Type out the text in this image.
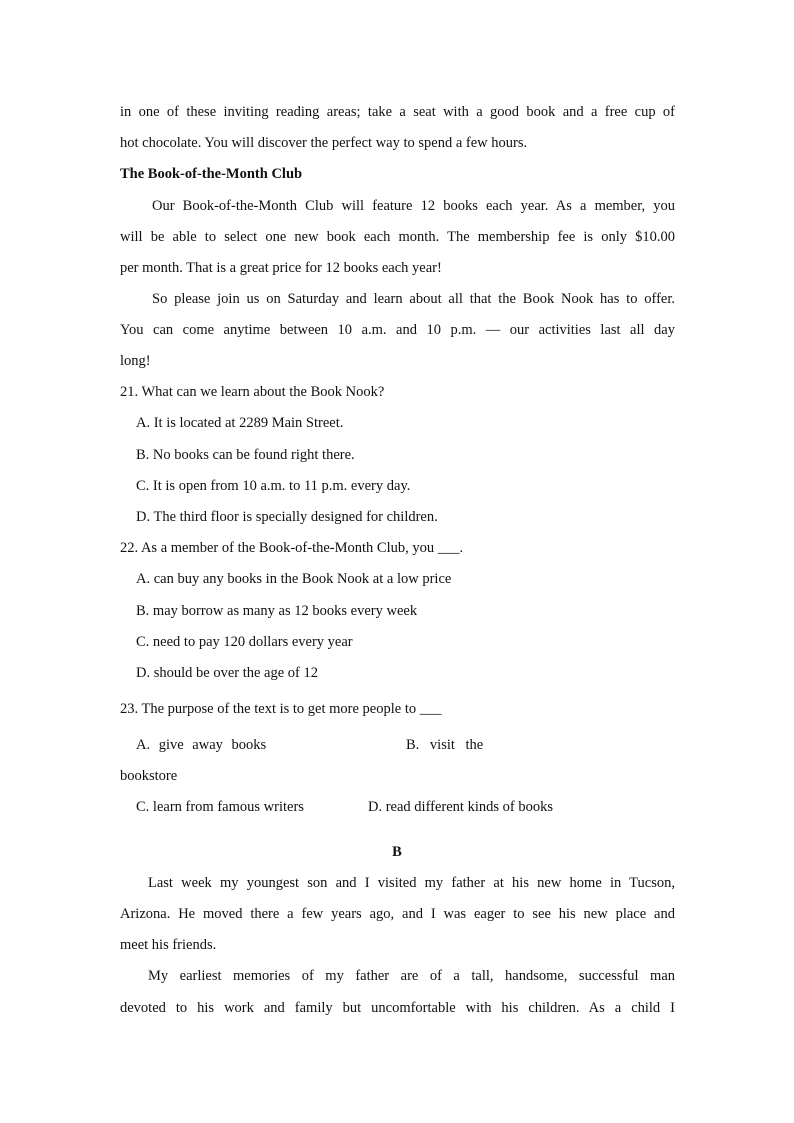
in one of these inviting reading areas; take a seat with a good book and a free cup of
hot chocolate. You will discover the perfect way to spend a few hours.
The Book-of-the-Month Club
Our Book-of-the-Month Club will feature 12 books each year. As a member, you
will be able to select one new book each month. The membership fee is only $10.00
per month. That is a great price for 12 books each year!
So please join us on Saturday and learn about all that the Book Nook has to offer.
You can come anytime between 10 a.m. and 10 p.m. — our activities last all day
long!
21. What can we learn about the Book Nook?
A. It is located at 2289 Main Street.
B. No books can be found right there.
C. It is open from 10 a.m. to 11 p.m. every day.
D. The third floor is specially designed for children.
22. As a member of the Book-of-the-Month Club, you ___.
A. can buy any books in the Book Nook at a low price
B. may borrow as many as 12 books every week
C. need to pay 120 dollars every year
D. should be over the age of 12
23. The purpose of the text is to get more people to ___
A. give away books	B. visit the
bookstore
C. learn from famous writers	D. read different kinds of books
B
Last week my youngest son and I visited my father at his new home in Tucson,
Arizona. He moved there a few years ago, and I was eager to see his new place and
meet his friends.
My earliest memories of my father are of a tall, handsome, successful man
devoted to his work and family but uncomfortable with his children. As a child I
